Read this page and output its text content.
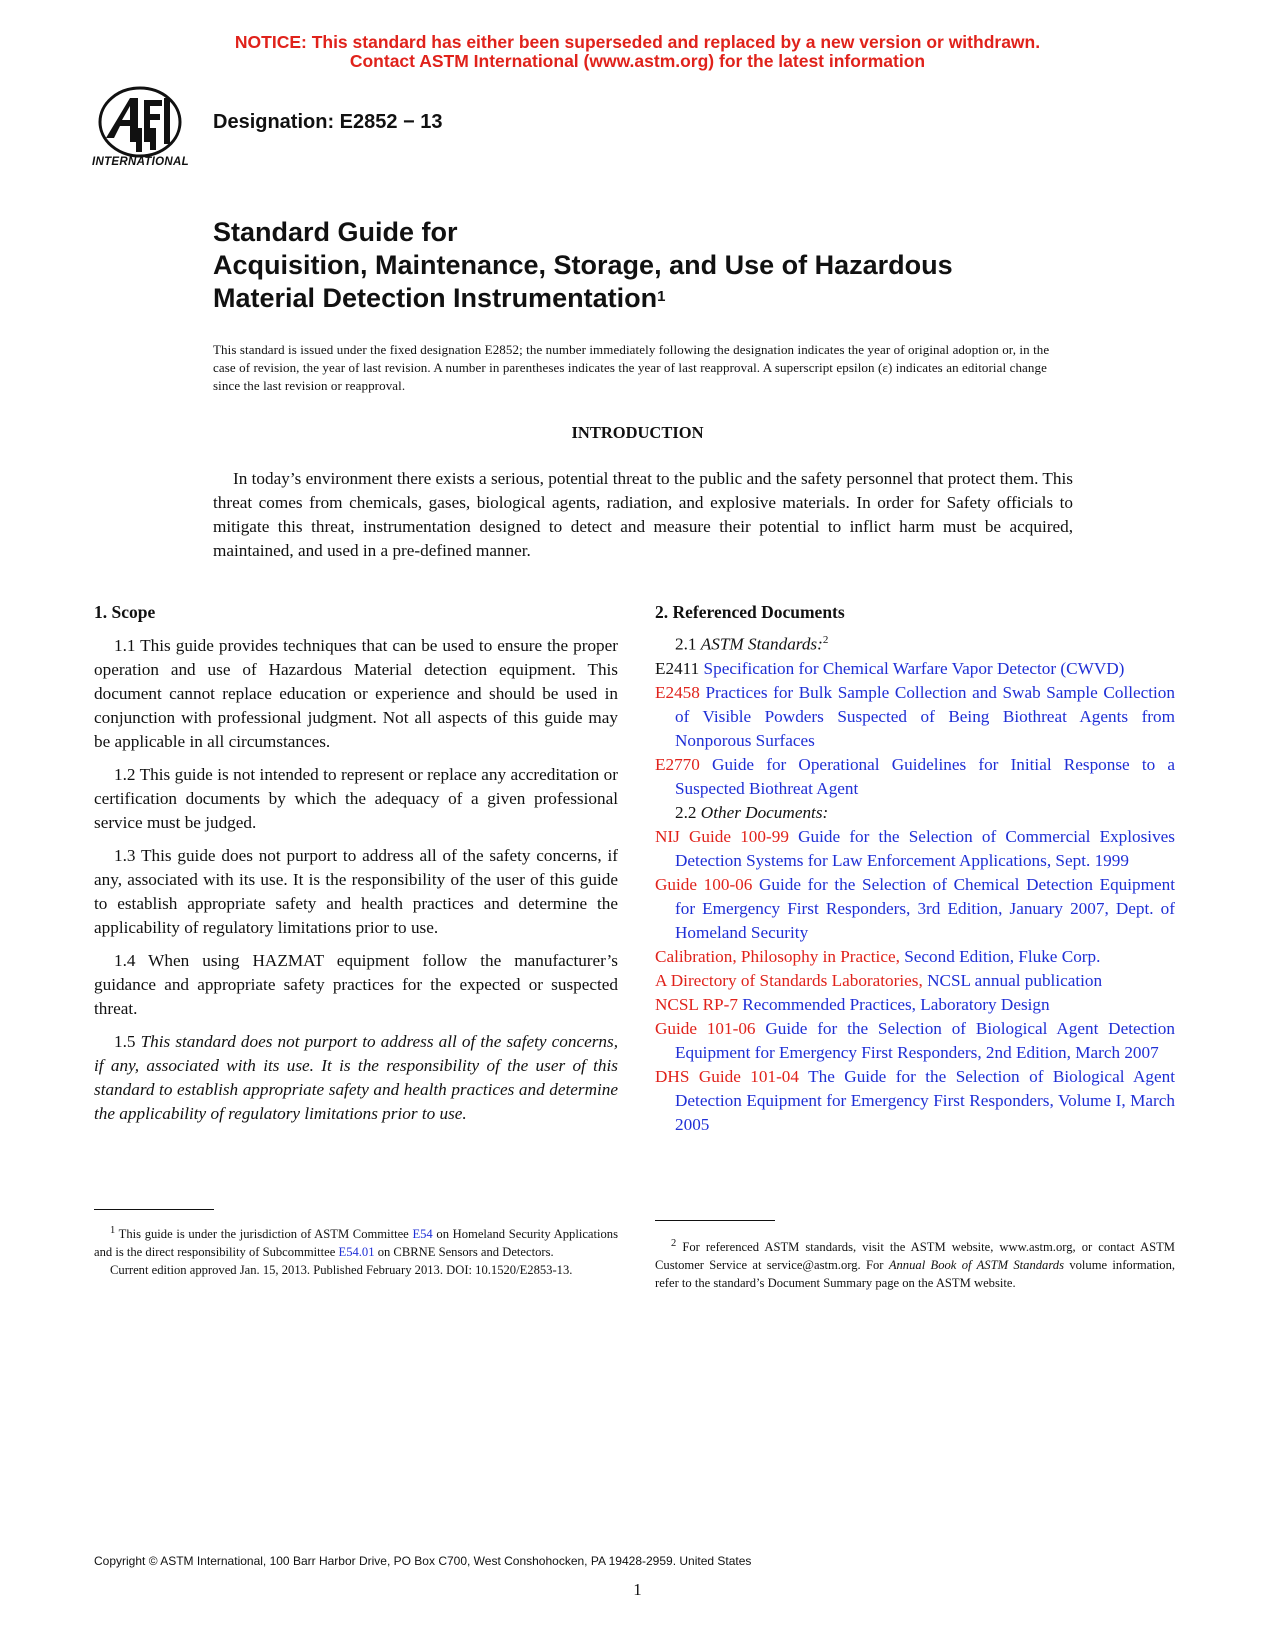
NOTICE: This standard has either been superseded and replaced by a new version or withdrawn.
Contact ASTM International (www.astm.org) for the latest information
INTERNATIONAL
Designation: E2852 − 13
Standard Guide for
Acquisition, Maintenance, Storage, and Use of Hazardous
Material Detection Instrumentation$^1$
This standard is issued under the fixed designation E2852; the number immediately following the designation indicates the year of original adoption or, in the case of revision, the year of last revision. A number in parentheses indicates the year of last reapproval. A superscript epsilon (ε) indicates an editorial change since the last revision or reapproval.
INTRODUCTION

In today’s environment there exists a serious, potential threat to the public and the safety personnel that protect them. This threat comes from chemicals, gases, biological agents, radiation, and explosive materials. In order for Safety officials to mitigate this threat, instrumentation designed to detect and measure their potential to inflict harm must be acquired, maintained, and used in a pre-defined manner.

1. Scope

1.1 This guide provides techniques that can be used to ensure the proper operation and use of Hazardous Material detection equipment. This document cannot replace education or experience and should be used in conjunction with professional judgment. Not all aspects of this guide may be applicable in all circumstances.

1.2 This guide is not intended to represent or replace any accreditation or certification documents by which the adequacy of a given professional service must be judged.

1.3 This guide does not purport to address all of the safety concerns, if any, associated with its use. It is the responsibility of the user of this guide to establish appropriate safety and health practices and determine the applicability of regulatory limitations prior to use.

1.4 When using HAZMAT equipment follow the manufacturer’s guidance and appropriate safety practices for the expected or suspected threat.

1.5 This standard does not purport to address all of the safety concerns, if any, associated with its use. It is the responsibility of the user of this standard to establish appropriate safety and health practices and determine the applicability of regulatory limitations prior to use.

2. Referenced Documents
2.1 ASTM Standards:$^2$

E2411 Specification for Chemical Warfare Vapor Detector (CWVD)

E2458 Practices for Bulk Sample Collection and Swab Sample Collection of Visible Powders Suspected of Being Biothreat Agents from Nonporous Surfaces

E2770 Guide for Operational Guidelines for Initial Response to a Suspected Biothreat Agent

2.2 Other Documents:

NIJ Guide 100-99 Guide for the Selection of Commercial Explosives Detection Systems for Law Enforcement Applications, Sept. 1999

Guide 100-06 Guide for the Selection of Chemical Detection Equipment for Emergency First Responders, 3rd Edition, January 2007, Dept. of Homeland Security

Calibration, Philosophy in Practice, Second Edition, Fluke Corp.

A Directory of Standards Laboratories, NCSL annual publication

NCSL RP-7 Recommended Practices, Laboratory Design

Guide 101-06 Guide for the Selection of Biological Agent Detection Equipment for Emergency First Responders, 2nd Edition, March 2007

DHS Guide 101-04 The Guide for the Selection of Biological Agent Detection Equipment for Emergency First Responders, Volume I, March 2005

$^1$ This guide is under the jurisdiction of ASTM Committee E54 on Homeland Security Applications and is the direct responsibility of Subcommittee E54.01 on CBRNE Sensors and Detectors.
Current edition approved Jan. 15, 2013. Published February 2013. DOI: 10.1520/E2853-13.
$^2$ For referenced ASTM standards, visit the ASTM website, www.astm.org, or contact ASTM Customer Service at service@astm.org. For Annual Book of ASTM Standards volume information, refer to the standard’s Document Summary page on the ASTM website.
Copyright © ASTM International, 100 Barr Harbor Drive, PO Box C700, West Conshohocken, PA 19428-2959. United States
1
